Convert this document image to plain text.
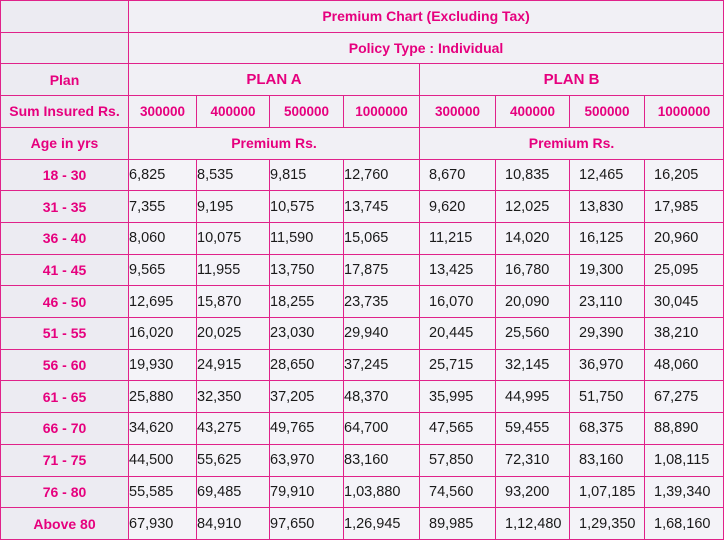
	Premium Chart (Excluding Tax)							
	Policy Type : Individual							
Plan	PLAN A				PLAN B			
Sum Insured Rs.	300000	400000	500000	1000000	300000	400000	500000	1000000
Age in yrs	Premium Rs.				Premium Rs.			
18 - 30	6,825	8,535	9,815	12,760	8,670	10,835	12,465	16,205
31 - 35	7,355	9,195	10,575	13,745	9,620	12,025	13,830	17,985
36 - 40	8,060	10,075	11,590	15,065	11,215	14,020	16,125	20,960
41 - 45	9,565	11,955	13,750	17,875	13,425	16,780	19,300	25,095
46 - 50	12,695	15,870	18,255	23,735	16,070	20,090	23,110	30,045
51 - 55	16,020	20,025	23,030	29,940	20,445	25,560	29,390	38,210
56 - 60	19,930	24,915	28,650	37,245	25,715	32,145	36,970	48,060
61 - 65	25,880	32,350	37,205	48,370	35,995	44,995	51,750	67,275
66 - 70	34,620	43,275	49,765	64,700	47,565	59,455	68,375	88,890
71 - 75	44,500	55,625	63,970	83,160	57,850	72,310	83,160	1,08,115
76 - 80	55,585	69,485	79,910	1,03,880	74,560	93,200	1,07,185	1,39,340
Above 80	67,930	84,910	97,650	1,26,945	89,985	1,12,480	1,29,350	1,68,160
